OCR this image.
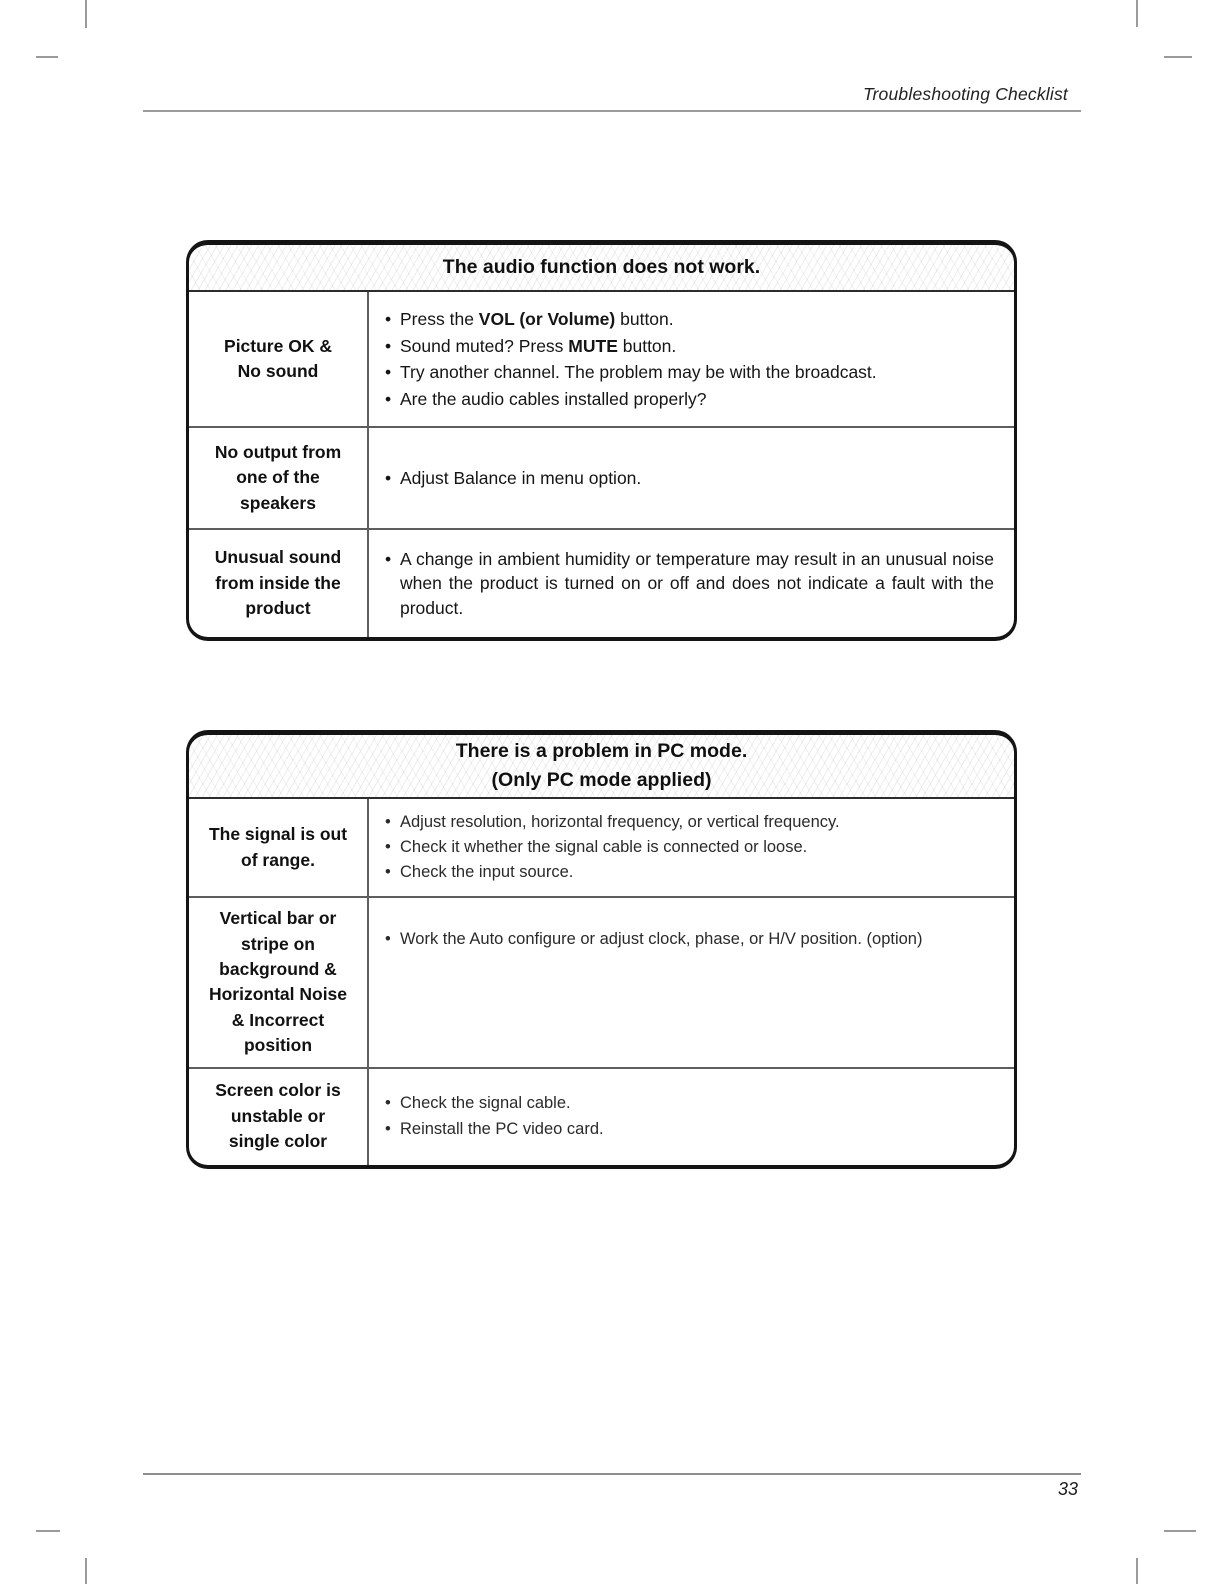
Troubleshooting Checklist
The audio function does not work.
Picture OK &
No sound
• Press the VOL (or Volume) button.
• Sound muted? Press MUTE button.
• Try another channel. The problem may be with the broadcast.
• Are the audio cables installed properly?
No output from
one of the
speakers
• Adjust Balance in menu option.
Unusual sound
from inside the
product
• A change in ambient humidity or temperature may result in an unusual noise when the product is turned on or off and does not indicate a fault with the product.
There is a problem in PC mode.
(Only PC mode applied)
The signal is out
of range.
• Adjust resolution, horizontal frequency, or vertical frequency.
• Check it whether the signal cable is connected or loose.
• Check the input source.
Vertical bar or
stripe on
background &
Horizontal Noise
& Incorrect
position
• Work the Auto configure or adjust clock, phase, or H/V position. (option)
Screen color is
unstable or
single color
• Check the signal cable.
• Reinstall the PC video card.
33
